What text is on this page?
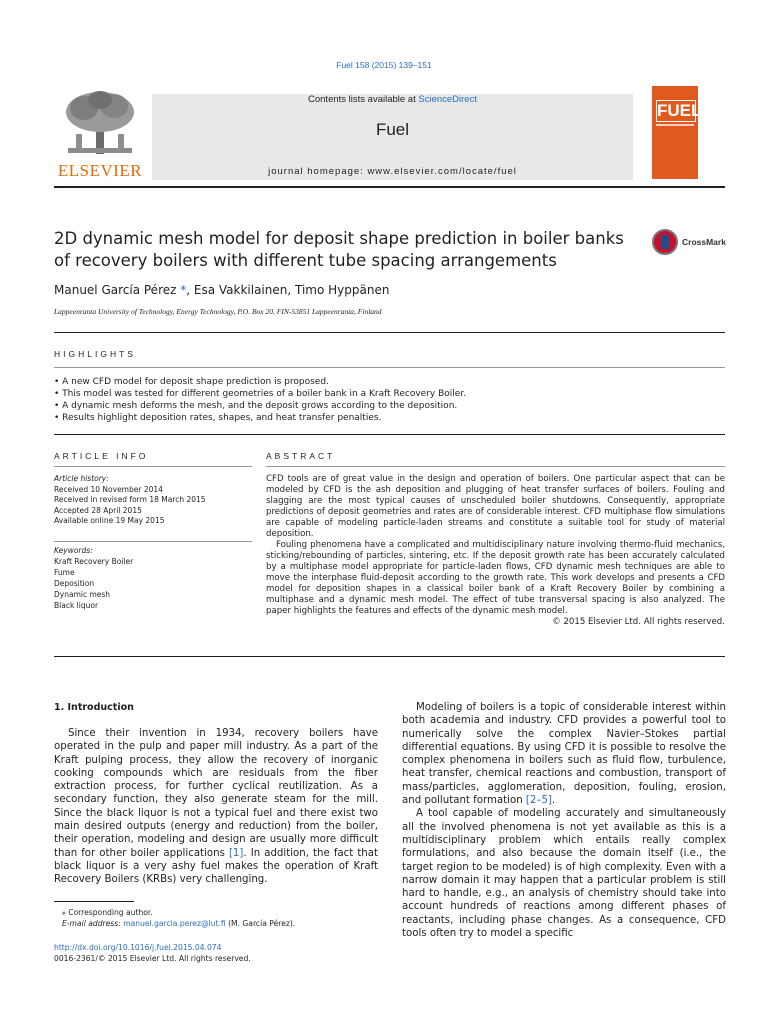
Fuel 158 (2015) 139–151
ELSEVIER
Contents lists available at ScienceDirect
Fuel
journal homepage: www.elsevier.com/locate/fuel
FUEL
2D dynamic mesh model for deposit shape prediction in boiler banks
of recovery boilers with different tube spacing arrangements
CrossMark
Manuel García Pérez *, Esa Vakkilainen, Timo Hyppänen
Lappeenranta University of Technology, Energy Technology, P.O. Box 20, FIN-53851 Lappeenranta, Finland
HIGHLIGHTS
• A new CFD model for deposit shape prediction is proposed.
• This model was tested for different geometries of a boiler bank in a Kraft Recovery Boiler.
• A dynamic mesh deforms the mesh, and the deposit grows according to the deposition.
• Results highlight deposition rates, shapes, and heat transfer penalties.
ARTICLE INFO
Article history:
Received 10 November 2014
Received in revised form 18 March 2015
Accepted 28 April 2015
Available online 19 May 2015
Keywords:
Kraft Recovery Boiler
Fume
Deposition
Dynamic mesh
Black liquor
ABSTRACT

CFD tools are of great value in the design and operation of boilers. One particular aspect that can be modeled by CFD is the ash deposition and plugging of heat transfer surfaces of boilers. Fouling and slagging are the most typical causes of unscheduled boiler shutdowns. Consequently, appropriate predictions of deposit geometries and rates are of considerable interest. CFD multiphase flow simulations are capable of modeling particle-laden streams and constitute a suitable tool for study of material deposition.

Fouling phenomena have a complicated and multidisciplinary nature involving thermo-fluid mechanics, sticking/rebounding of particles, sintering, etc. If the deposit growth rate has been accurately calculated by a multiphase model appropriate for particle-laden flows, CFD dynamic mesh techniques are able to move the interphase fluid-deposit according to the growth rate. This work develops and presents a CFD model for deposition shapes in a classical boiler bank of a Kraft Recovery Boiler by combining a multiphase and a dynamic mesh model. The effect of tube transversal spacing is also analyzed. The paper highlights the features and effects of the dynamic mesh model.

© 2015 Elsevier Ltd. All rights reserved.

1. Introduction

Since their invention in 1934, recovery boilers have operated in the pulp and paper mill industry. As a part of the Kraft pulping process, they allow the recovery of inorganic cooking compounds which are residuals from the fiber extraction process, for further cyclical reutilization. As a secondary function, they also generate steam for the mill. Since the black liquor is not a typical fuel and there exist two main desired outputs (energy and reduction) from the boiler, their operation, modeling and design are usually more difficult than for other boiler applications [1]. In addition, the fact that black liquor is a very ashy fuel makes the operation of Kraft Recovery Boilers (KRBs) very challenging.

Modeling of boilers is a topic of considerable interest within both academia and industry. CFD provides a powerful tool to numerically solve the complex Navier–Stokes partial differential equations. By using CFD it is possible to resolve the complex phenomena in boilers such as fluid flow, turbulence, heat transfer, chemical reactions and combustion, transport of mass/particles, agglomeration, deposition, fouling, erosion, and pollutant formation [2–5].

A tool capable of modeling accurately and simultaneously all the involved phenomena is not yet available as this is a multidisciplinary problem which entails really complex formulations, and also because the domain itself (i.e., the target region to be modeled) is of high complexity. Even with a narrow domain it may happen that a particular problem is still hard to handle, e.g., an analysis of chemistry should take into account hundreds of reactions among different phases of reactants, including phase changes. As a consequence, CFD tools often try to model a specific

⁎ Corresponding author.
E-mail address: manuel.garcia.perez@lut.fi (M. García Pérez).
http://dx.doi.org/10.1016/j.fuel.2015.04.074
0016-2361/© 2015 Elsevier Ltd. All rights reserved.
